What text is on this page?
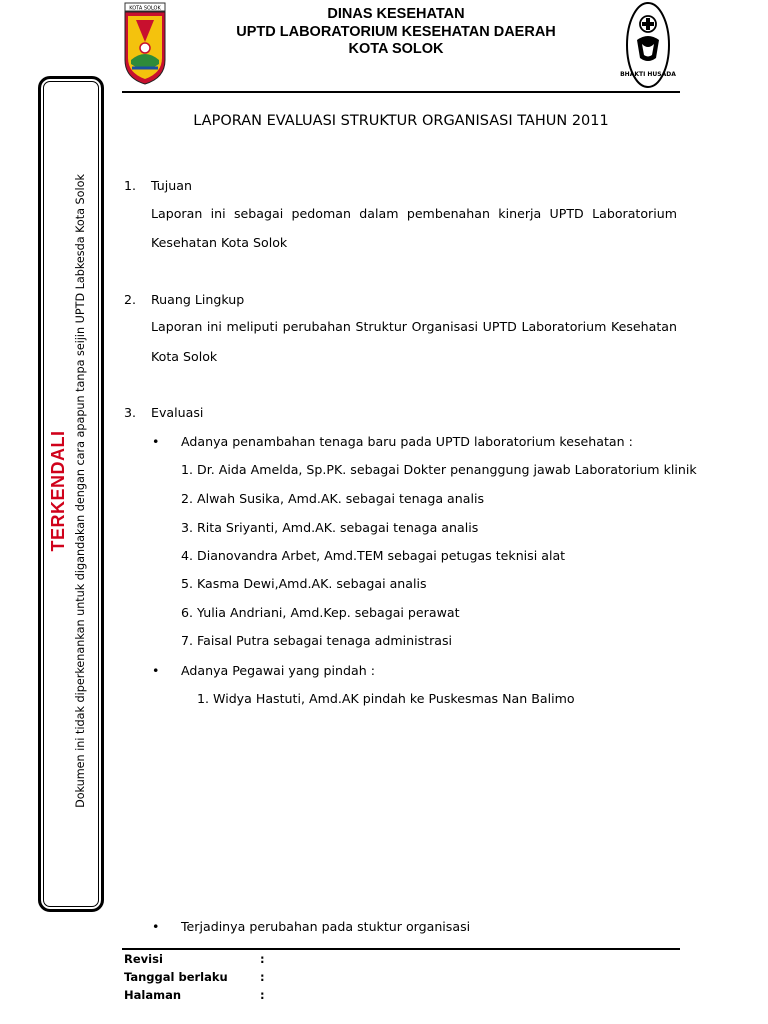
KOTA SOLOK	DINAS KESEHATAN
UPTD LABORATORIUM KESEHATAN DAERAH
KOTA SOLOK
BHAKTI HUSADA
TERKENDALI Dokumen ini tidak diperkenankan untuk digandakan dengan cara apapun tanpa seijin UPTD Labkesda Kota Solok
LAPORAN EVALUASI STRUKTUR ORGANISASI TAHUN 2011
1. Tujuan
Laporan ini sebagai pedoman dalam pembenahan kinerja UPTD Laboratorium
Kesehatan Kota Solok
2. Ruang Lingkup
Laporan ini meliputi perubahan Struktur Organisasi UPTD Laboratorium Kesehatan
Kota Solok
3. Evaluasi
• Adanya penambahan tenaga baru pada UPTD laboratorium kesehatan :
1. Dr. Aida Amelda, Sp.PK. sebagai Dokter penanggung jawab Laboratorium klinik
2. Alwah Susika, Amd.AK. sebagai tenaga analis
3. Rita Sriyanti, Amd.AK. sebagai tenaga analis
4. Dianovandra Arbet, Amd.TEM sebagai petugas teknisi alat
5. Kasma Dewi,Amd.AK. sebagai analis
6. Yulia Andriani, Amd.Kep. sebagai perawat
7. Faisal Putra sebagai tenaga administrasi
• Adanya Pegawai yang pindah :
1. Widya Hastuti, Amd.AK pindah ke Puskesmas Nan Balimo
• Terjadinya perubahan pada stuktur organisasi
Revisi	:
Tanggal berlaku	:
Halaman	:
